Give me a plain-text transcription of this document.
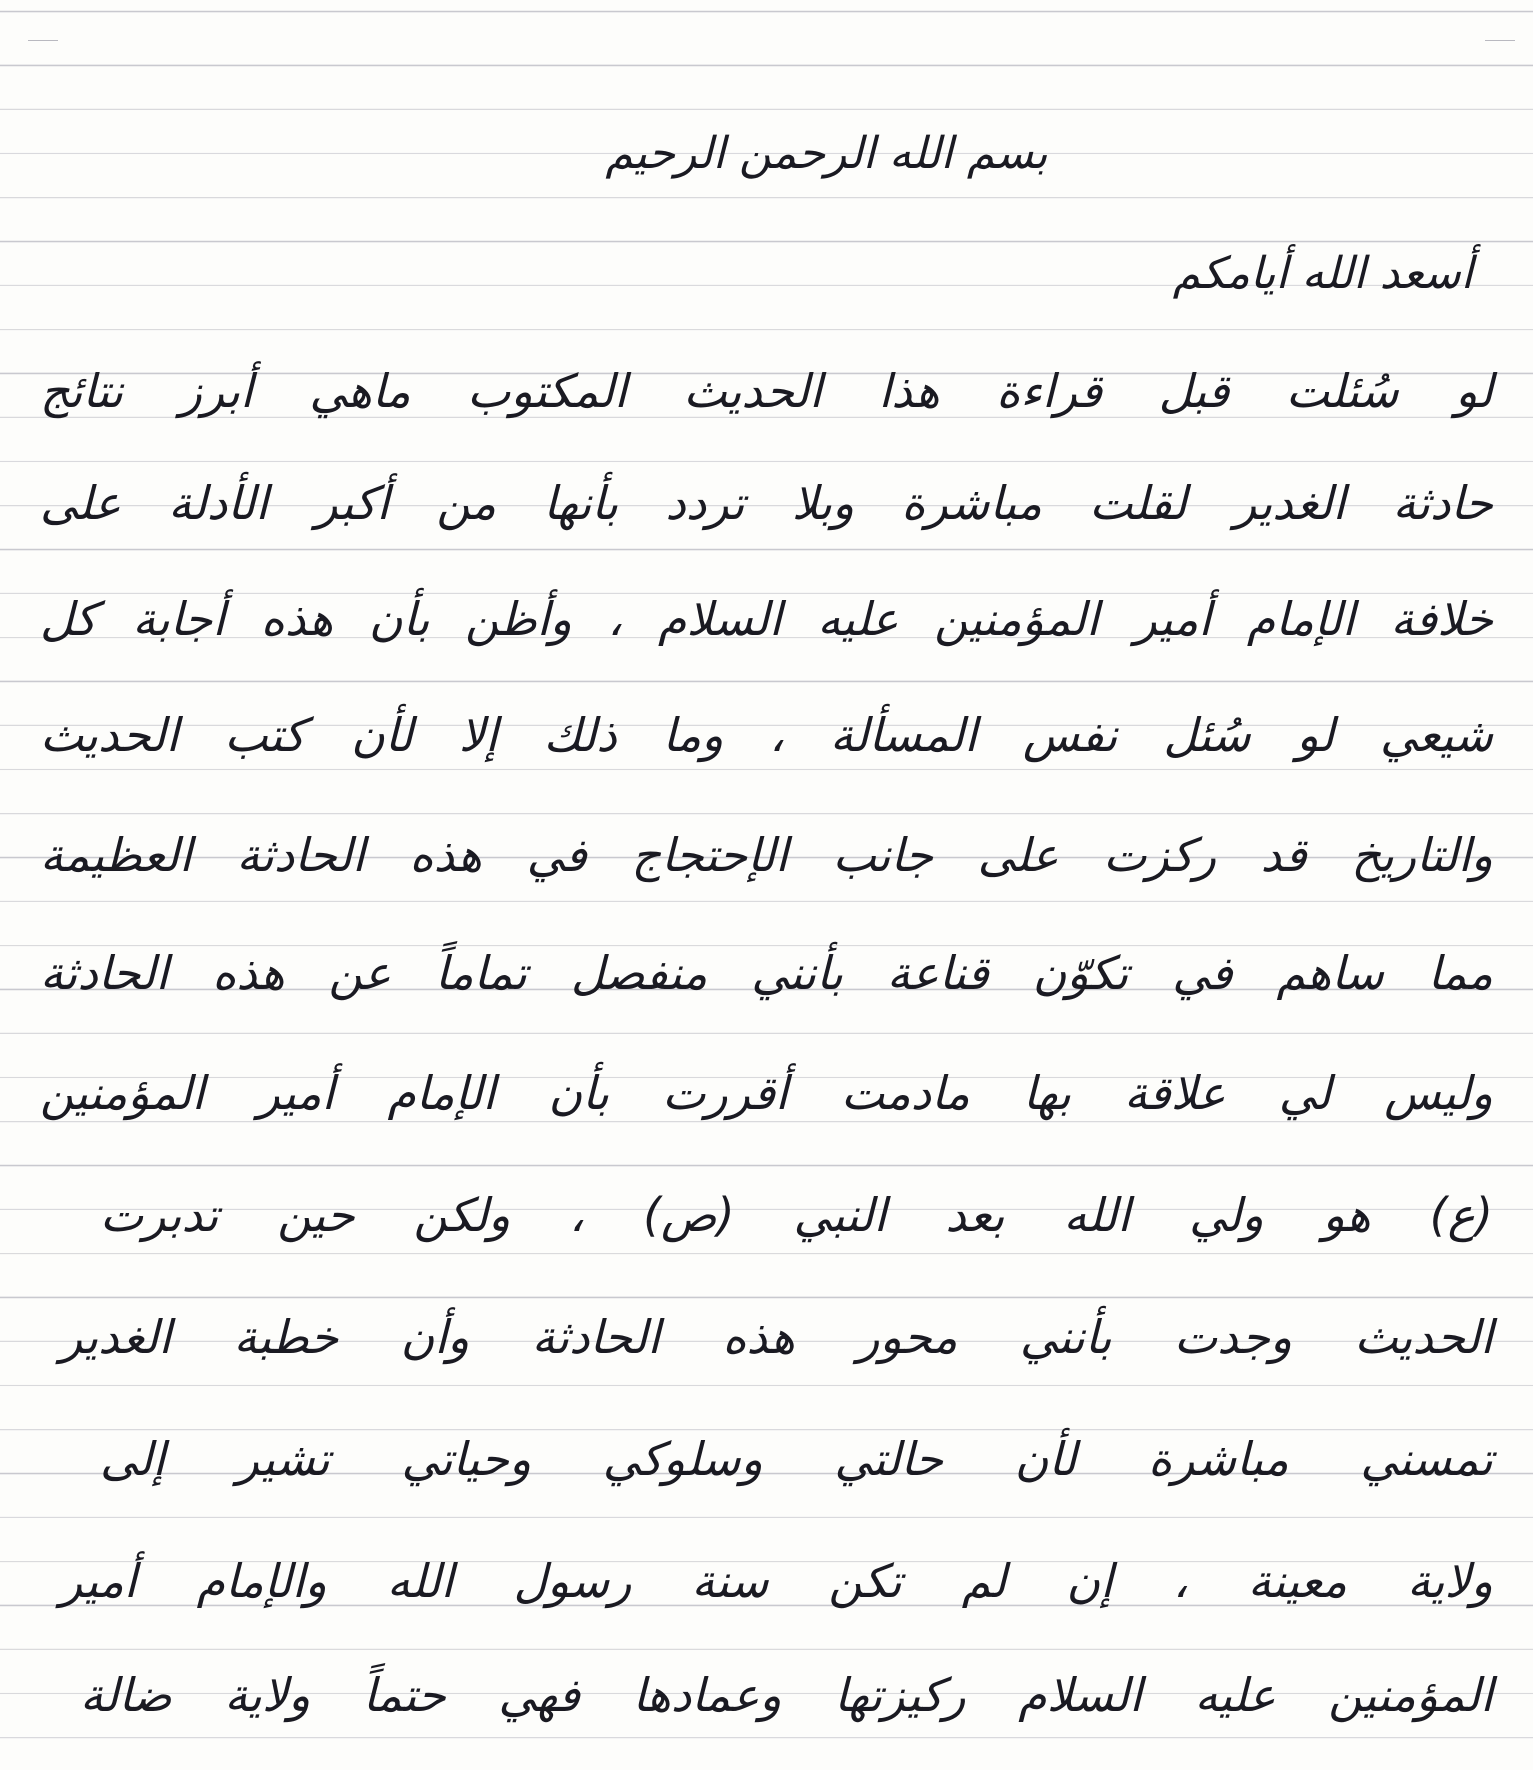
بسم الله الرحمن الرحيم
أسعد الله أيامكم
لو سُئلت قبل قراءة هذا الحديث المكتوب ماهي أبرز نتائج
حادثة الغدير لقلت مباشرة وبلا تردد بأنها من أكبر الأدلة على
خلافة الإمام أمير المؤمنين عليه السلام ، وأظن بأن هذه أجابة كل
شيعي لو سُئل نفس المسألة ، وما ذلك إلا لأن كتب الحديث
والتاريخ قد ركزت على جانب الإحتجاج في هذه الحادثة العظيمة
مما ساهم في تكوّن قناعة بأنني منفصل تماماً عن هذه الحادثة
وليس لي علاقة بها مادمت أقررت بأن الإمام أمير المؤمنين
(ع) هو ولي الله بعد النبي (ص) ، ولكن حين تدبرت
الحديث وجدت بأنني محور هذه الحادثة وأن خطبة الغدير
تمسني مباشرة لأن حالتي وسلوكي وحياتي تشير إلى
ولاية معينة ، إن لم تكن سنة رسول الله والإمام أمير
المؤمنين عليه السلام ركيزتها وعمادها فهي حتماً ولاية ضالة
